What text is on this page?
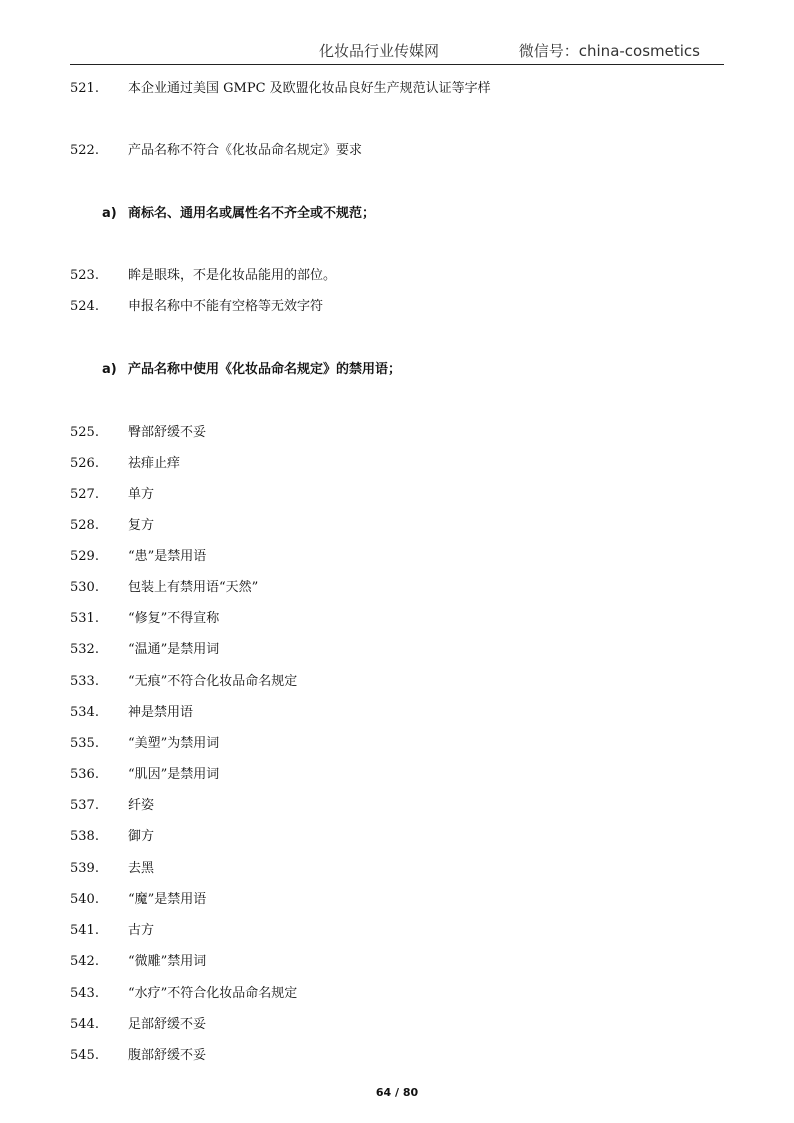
化妆品行业传媒网	微信号：china-cosmetics
521. 本企业通过美国 GMPC 及欧盟化妆品良好生产规范认证等字样
522. 产品名称不符合《化妆品命名规定》要求
a) 商标名、通用名或属性名不齐全或不规范；
523. 眸是眼珠，不是化妆品能用的部位。
524. 申报名称中不能有空格等无效字符
a) 产品名称中使用《化妆品命名规定》的禁用语；
525. 臀部舒缓不妥
526. 祛痱止痒
527. 单方
528. 复方
529. “患”是禁用语
530. 包装上有禁用语“天然”
531. “修复”不得宣称
532. “温通”是禁用词
533. “无痕”不符合化妆品命名规定
534. 神是禁用语
535. “美塑”为禁用词
536. “肌因”是禁用词
537. 纤姿
538. 御方
539. 去黑
540. “魔”是禁用语
541. 古方
542. “微雕”禁用词
543. “水疗”不符合化妆品命名规定
544. 足部舒缓不妥
545. 腹部舒缓不妥
64 / 80
